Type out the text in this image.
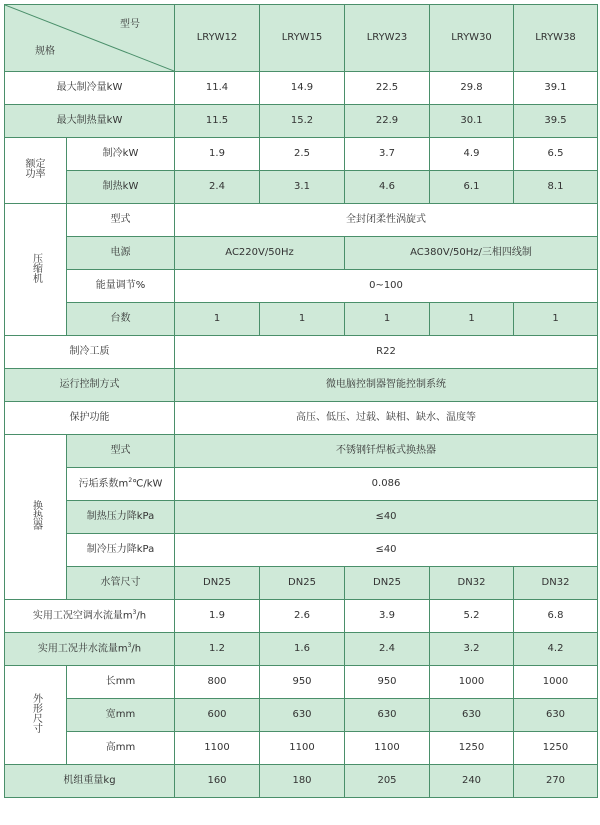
型号
规格		LRYW12	LRYW15	LRYW23	LRYW30	LRYW38
最大制冷量kW		11.4	14.9	22.5	29.8	39.1
最大制热量kW		11.5	15.2	22.9	30.1	39.5
额定功率	制冷kW	1.9	2.5	3.7	4.9	6.5
	制热kW	2.4	3.1	4.6	6.1	8.1
压缩机	型式	全封闭柔性涡旋式				
	电源	AC220V/50Hz		AC380V/50Hz/三相四线制		
	能量调节%	0~100				
	台数	1	1	1	1	1
制冷工质		R22				
运行控制方式		微电脑控制器智能控制系统				
保护功能		高压、低压、过载、缺相、缺水、温度等				
换热器	型式	不锈钢钎焊板式换热器				
	污垢系数$m^2℃/kW$	0.086				
	制热压力降kPa	≤40				
	制冷压力降kPa	≤40				
	水管尺寸	DN25	DN25	DN25	DN32	DN32
实用工况空调水流量$m^3/h$		1.9	2.6	3.9	5.2	6.8
实用工况井水流量$m^3/h$		1.2	1.6	2.4	3.2	4.2
外形尺寸	长mm	800	950	950	1000	1000
	宽mm	600	630	630	630	630
	高mm	1100	1100	1100	1250	1250
机组重量kg		160	180	205	240	270
